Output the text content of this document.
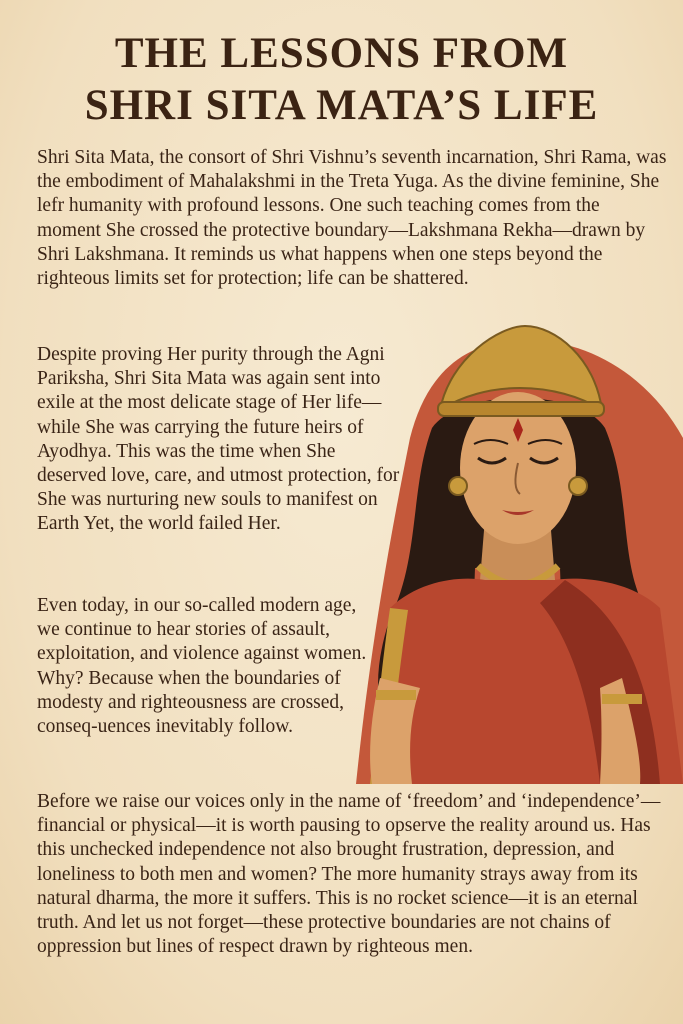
THE LESSONS FROM
SHRI SITA MATA’S LIFE

Shri Sita Mata, the consort of Shri Vishnu’s seventh incarnation, Shri Rama, was the embodiment of Mahalakshmi in the Treta Yuga. As the divine feminine, She lefr humanity with profound lessons. One such teaching comes from the moment She crossed the protective boundary—Lakshmana Rekha—drawn by Shri Lakshmana. It reminds us what happens when one steps beyond the righteous limits set for protection; life can be shattered.

Despite proving Her purity through the Agni Pariksha, Shri Sita Mata was again sent into exile at the most delicate stage of Her life—while She was carrying the future heirs of Ayodhya. This was the time when She deserved love, care, and utmost protection, for She was nurturing new souls to manifest on Earth Yet, the world failed Her.

Even today, in our so-called modern age, we continue to hear stories of assault, exploitation, and violence against women. Why? Because when the boundaries of modesty and righteousness are crossed, conseq-uences inevitably follow.

Before we raise our voices only in the name of ‘freedom’ and ‘independence’—financial or physical—it is worth pausing to opserve the reality around us. Has this unchecked independence not also brought frustration, depression, and loneliness to both men and women? The more humanity strays away from its natural dharma, the more it suffers. This is no rocket science—it is an eternal truth. And let us not forget—these protective boundaries are not chains of oppression but lines of respect drawn by righteous men.
